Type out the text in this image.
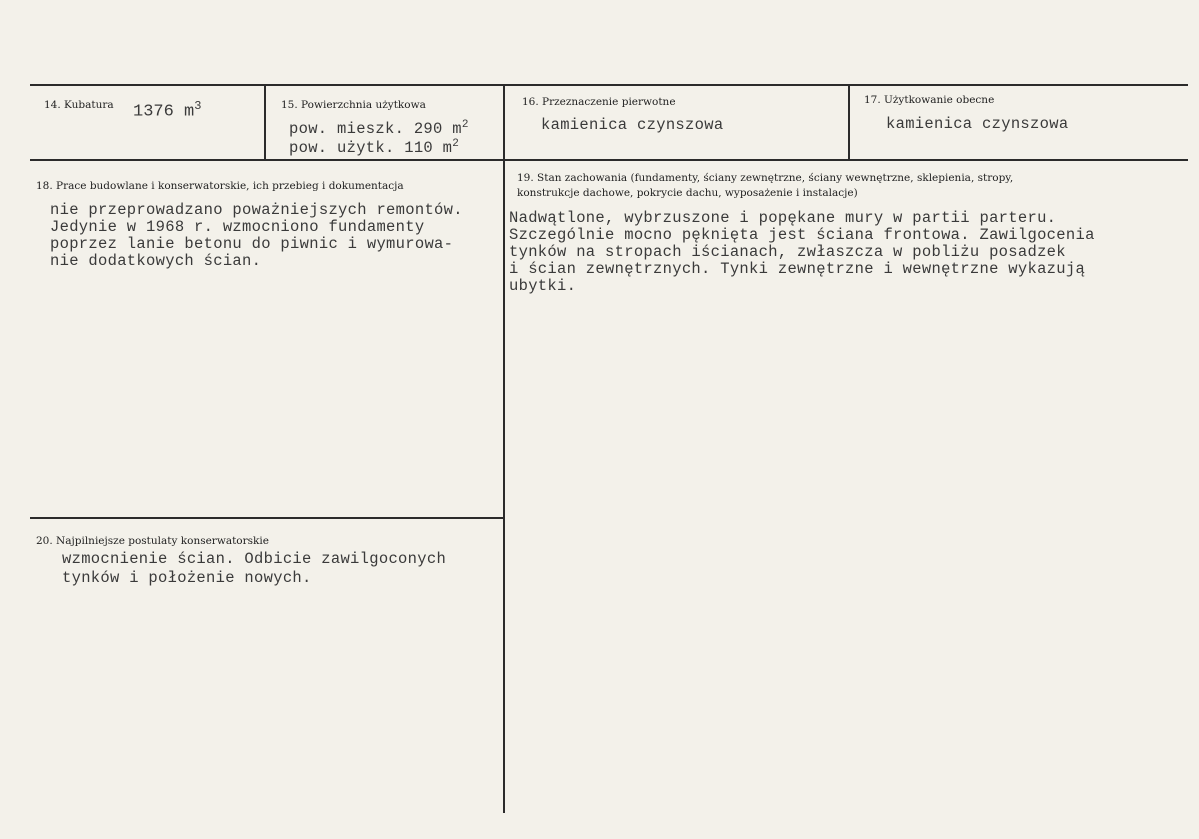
14. Kubatura 1376 $m^3$	15. Powierzchnia użytkowa
pow. mieszk. 290 $m^2$
pow. użytk. 110 $m^2$
16. Przeznaczenie pierwotne
kamienica czynszowa
17. Użytkowanie obecne
kamienica czynszowa
18. Prace budowlane i konserwatorskie, ich przebieg i dokumentacja
nie przeprowadzano poważniejszych remontów.
Jedynie w 1968 r. wzmocniono fundamenty
poprzez lanie betonu do piwnic i wymurowa-
nie dodatkowych ścian.
19. Stan zachowania (fundamenty, ściany zewnętrzne, ściany wewnętrzne, sklepienia, stropy,
konstrukcje dachowe, pokrycie dachu, wyposażenie i instalacje)
Nadwątlone, wybrzuszone i popękane mury w partii parteru.
Szczególnie mocno pęknięta jest ściana frontowa. Zawilgocenia
tynków na stropach iścianach, zwłaszcza w pobliżu posadzek
i ścian zewnętrznych. Tynki zewnętrzne i wewnętrzne wykazują
ubytki.
20. Najpilniejsze postulaty konserwatorskie
wzmocnienie ścian. Odbicie zawilgoconych
tynków i położenie nowych.
